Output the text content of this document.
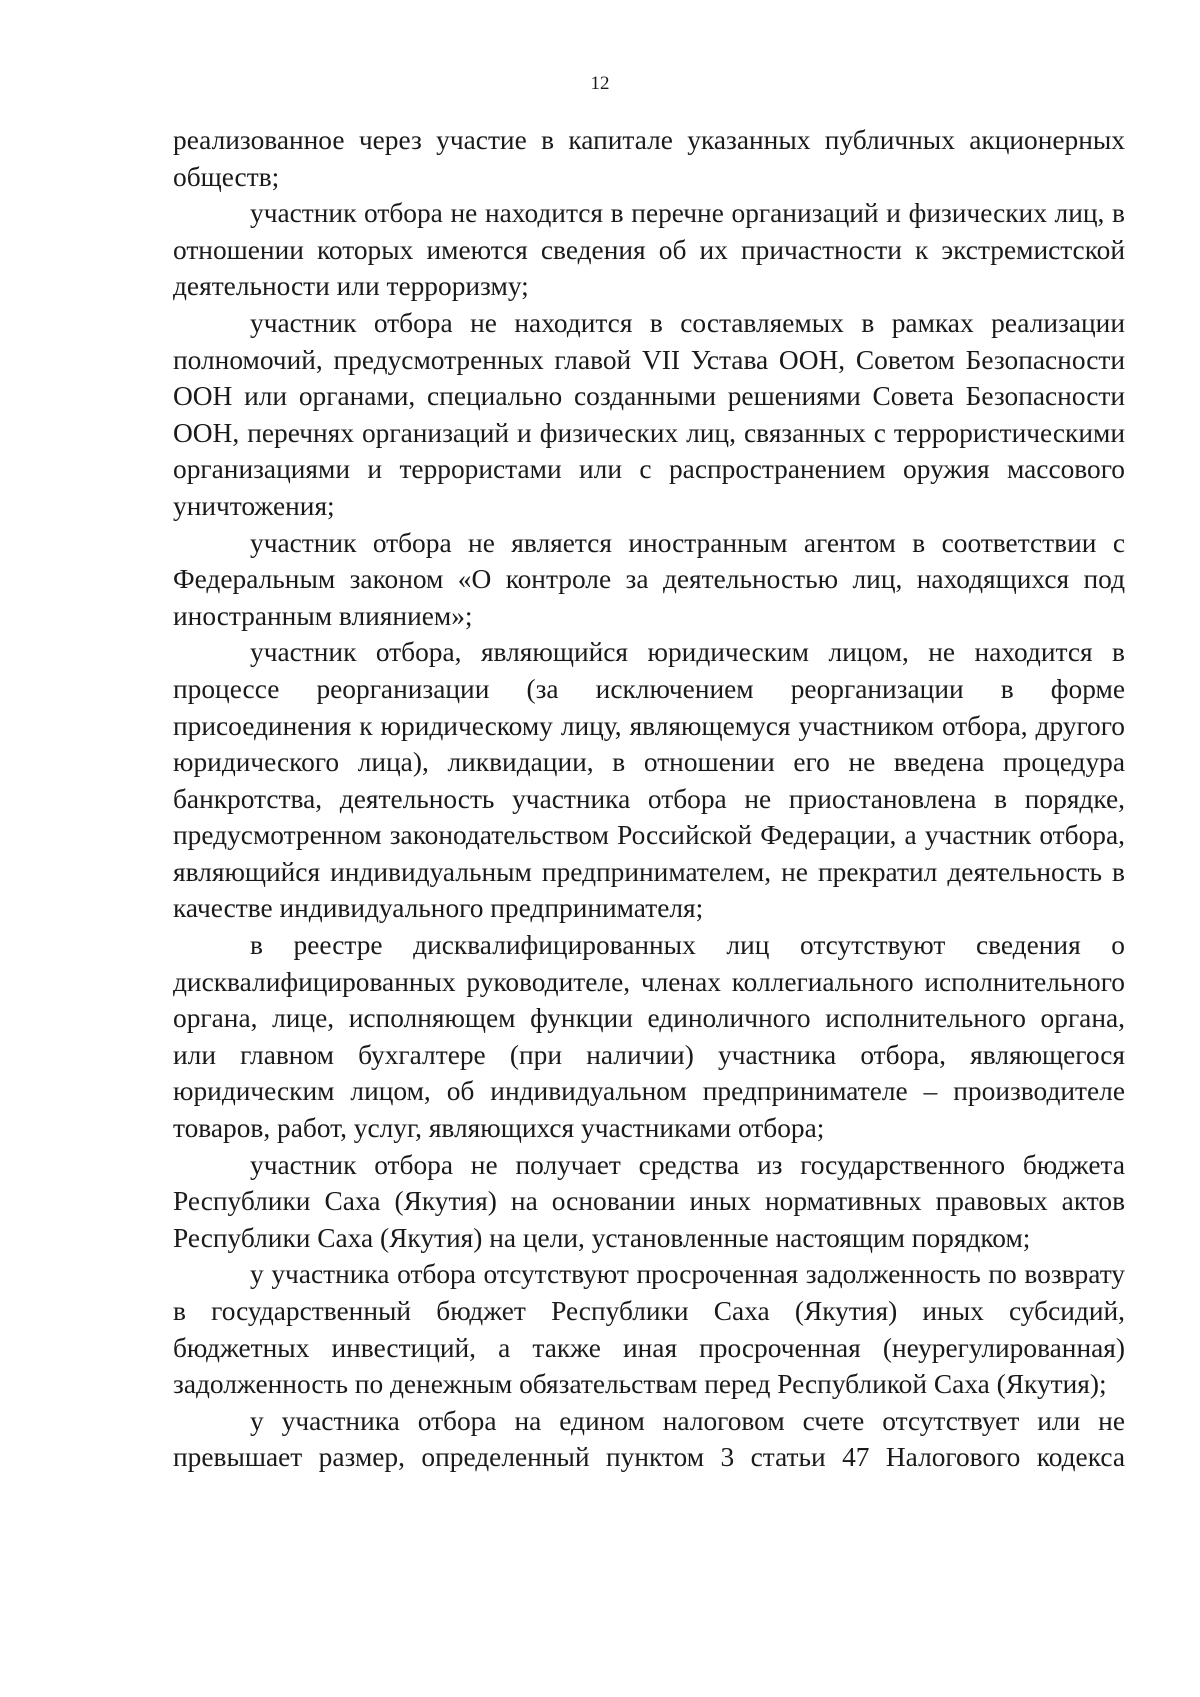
12

реализованное через участие в капитале указанных публичных акционерных обществ;

участник отбора не находится в перечне организаций и физических лиц, в отношении которых имеются сведения об их причастности к экстремистской деятельности или терроризму;

участник отбора не находится в составляемых в рамках реализации полномочий, предусмотренных главой VII Устава ООН, Советом Безопасности ООН или органами, специально созданными решениями Совета Безопасности ООН, перечнях организаций и физических лиц, связанных с террористическими организациями и террористами или с распространением оружия массового уничтожения;

участник отбора не является иностранным агентом в соответствии с Федеральным законом «О контроле за деятельностью лиц, находящихся под иностранным влиянием»;

участник отбора, являющийся юридическим лицом, не находится в процессе реорганизации (за исключением реорганизации в форме присоединения к юридическому лицу, являющемуся участником отбора, другого юридического лица), ликвидации, в отношении его не введена процедура банкротства, деятельность участника отбора не приостановлена в порядке, предусмотренном законодательством Российской Федерации, а участник отбора, являющийся индивидуальным предпринимателем, не прекратил деятельность в качестве индивидуального предпринимателя;

в реестре дисквалифицированных лиц отсутствуют сведения о дисквалифицированных руководителе, членах коллегиального исполнительного органа, лице, исполняющем функции единоличного исполнительного органа, или главном бухгалтере (при наличии) участника отбора, являющегося юридическим лицом, об индивидуальном предпринимателе – производителе товаров, работ, услуг, являющихся участниками отбора;

участник отбора не получает средства из государственного бюджета Республики Саха (Якутия) на основании иных нормативных правовых актов Республики Саха (Якутия) на цели, установленные настоящим порядком;

у участника отбора отсутствуют просроченная задолженность по возврату в государственный бюджет Республики Саха (Якутия) иных субсидий, бюджетных инвестиций, а также иная просроченная (неурегулированная) задолженность по денежным обязательствам перед Республикой Саха (Якутия);

у участника отбора на едином налоговом счете отсутствует или не превышает размер, определенный пунктом 3 статьи 47 Налогового кодекса
